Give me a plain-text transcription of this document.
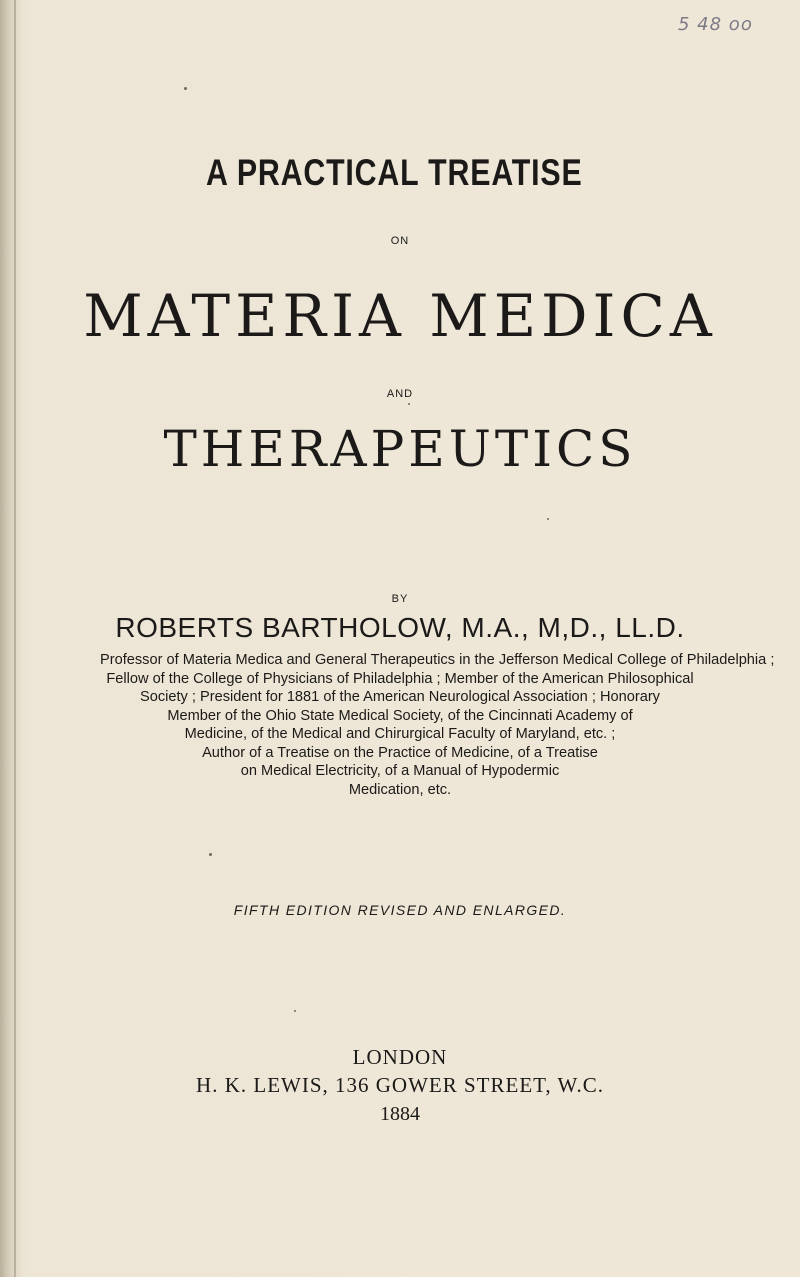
5 48 oo
A PRACTICAL TREATISE
ON
MATERIA MEDICA
AND
THERAPEUTICS
BY
ROBERTS BARTHOLOW, M.A., M,D., LL.D.
Professor of Materia Medica and General Therapeutics in the Jefferson Medical College of Philadelphia ;
Fellow of the College of Physicians of Philadelphia ; Member of the American Philosophical
Society ; President for 1881 of the American Neurological Association ; Honorary
Member of the Ohio State Medical Society, of the Cincinnati Academy of
Medicine, of the Medical and Chirurgical Faculty of Maryland, etc. ;
Author of a Treatise on the Practice of Medicine, of a Treatise
on Medical Electricity, of a Manual of Hypodermic
Medication, etc.
FIFTH EDITION REVISED AND ENLARGED.
LONDON
H. K. LEWIS, 136 GOWER STREET, W.C.
1884
